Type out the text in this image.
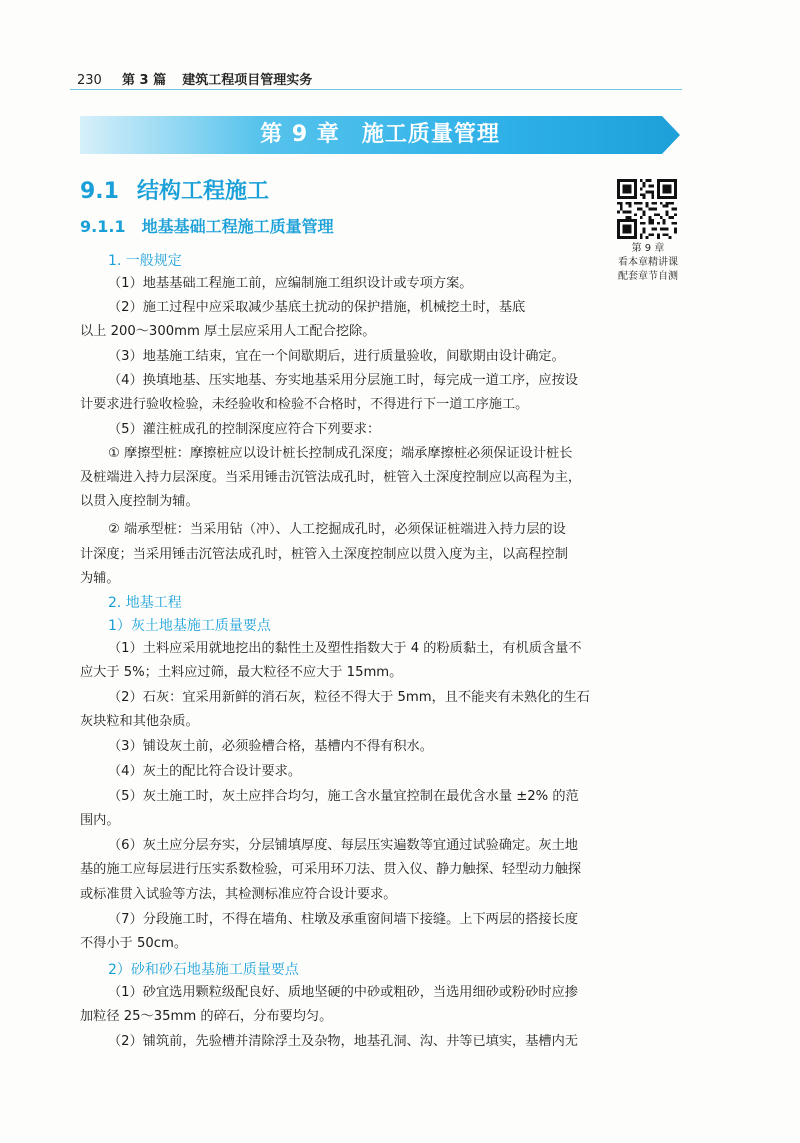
230 第 3 篇 建筑工程项目管理实务
第 9 章 施工质量管理
9.1 结构工程施工
9.1.1 地基基础工程施工质量管理
第 9 章
看本章精讲课
配套章节自测
1. 一般规定
2. 地基工程
1）灰土地基施工质量要点
2）砂和砂石地基施工质量要点
（1）地基基础工程施工前，应编制施工组织设计或专项方案。
（2）施工过程中应采取减少基底土扰动的保护措施，机械挖土时，基底
以上 200～300mm 厚土层应采用人工配合挖除。
（3）地基施工结束，宜在一个间歇期后，进行质量验收，间歇期由设计确定。
（4）换填地基、压实地基、夯实地基采用分层施工时，每完成一道工序，应按设
计要求进行验收检验，未经验收和检验不合格时，不得进行下一道工序施工。
（5）灌注桩成孔的控制深度应符合下列要求：
① 摩擦型桩：摩擦桩应以设计桩长控制成孔深度；端承摩擦桩必须保证设计桩长
及桩端进入持力层深度。当采用锤击沉管法成孔时，桩管入土深度控制应以高程为主，
以贯入度控制为辅。
② 端承型桩：当采用钻（冲）、人工挖掘成孔时，必须保证桩端进入持力层的设
计深度；当采用锤击沉管法成孔时，桩管入土深度控制应以贯入度为主，以高程控制
为辅。
（1）土料应采用就地挖出的黏性土及塑性指数大于 4 的粉质黏土，有机质含量不
应大于 5%；土料应过筛，最大粒径不应大于 15mm。
（2）石灰：宜采用新鲜的消石灰，粒径不得大于 5mm，且不能夹有未熟化的生石
灰块粒和其他杂质。
（3）铺设灰土前，必须验槽合格，基槽内不得有积水。
（4）灰土的配比符合设计要求。
（5）灰土施工时，灰土应拌合均匀，施工含水量宜控制在最优含水量 ±2% 的范
围内。
（6）灰土应分层夯实，分层铺填厚度、每层压实遍数等宜通过试验确定。灰土地
基的施工应每层进行压实系数检验，可采用环刀法、贯入仪、静力触探、轻型动力触探
或标准贯入试验等方法，其检测标准应符合设计要求。
（7）分段施工时，不得在墙角、柱墩及承重窗间墙下接缝。上下两层的搭接长度
不得小于 50cm。
（1）砂宜选用颗粒级配良好、质地坚硬的中砂或粗砂，当选用细砂或粉砂时应掺
加粒径 25～35mm 的碎石，分布要均匀。
（2）铺筑前，先验槽并清除浮土及杂物，地基孔洞、沟、井等已填实，基槽内无
